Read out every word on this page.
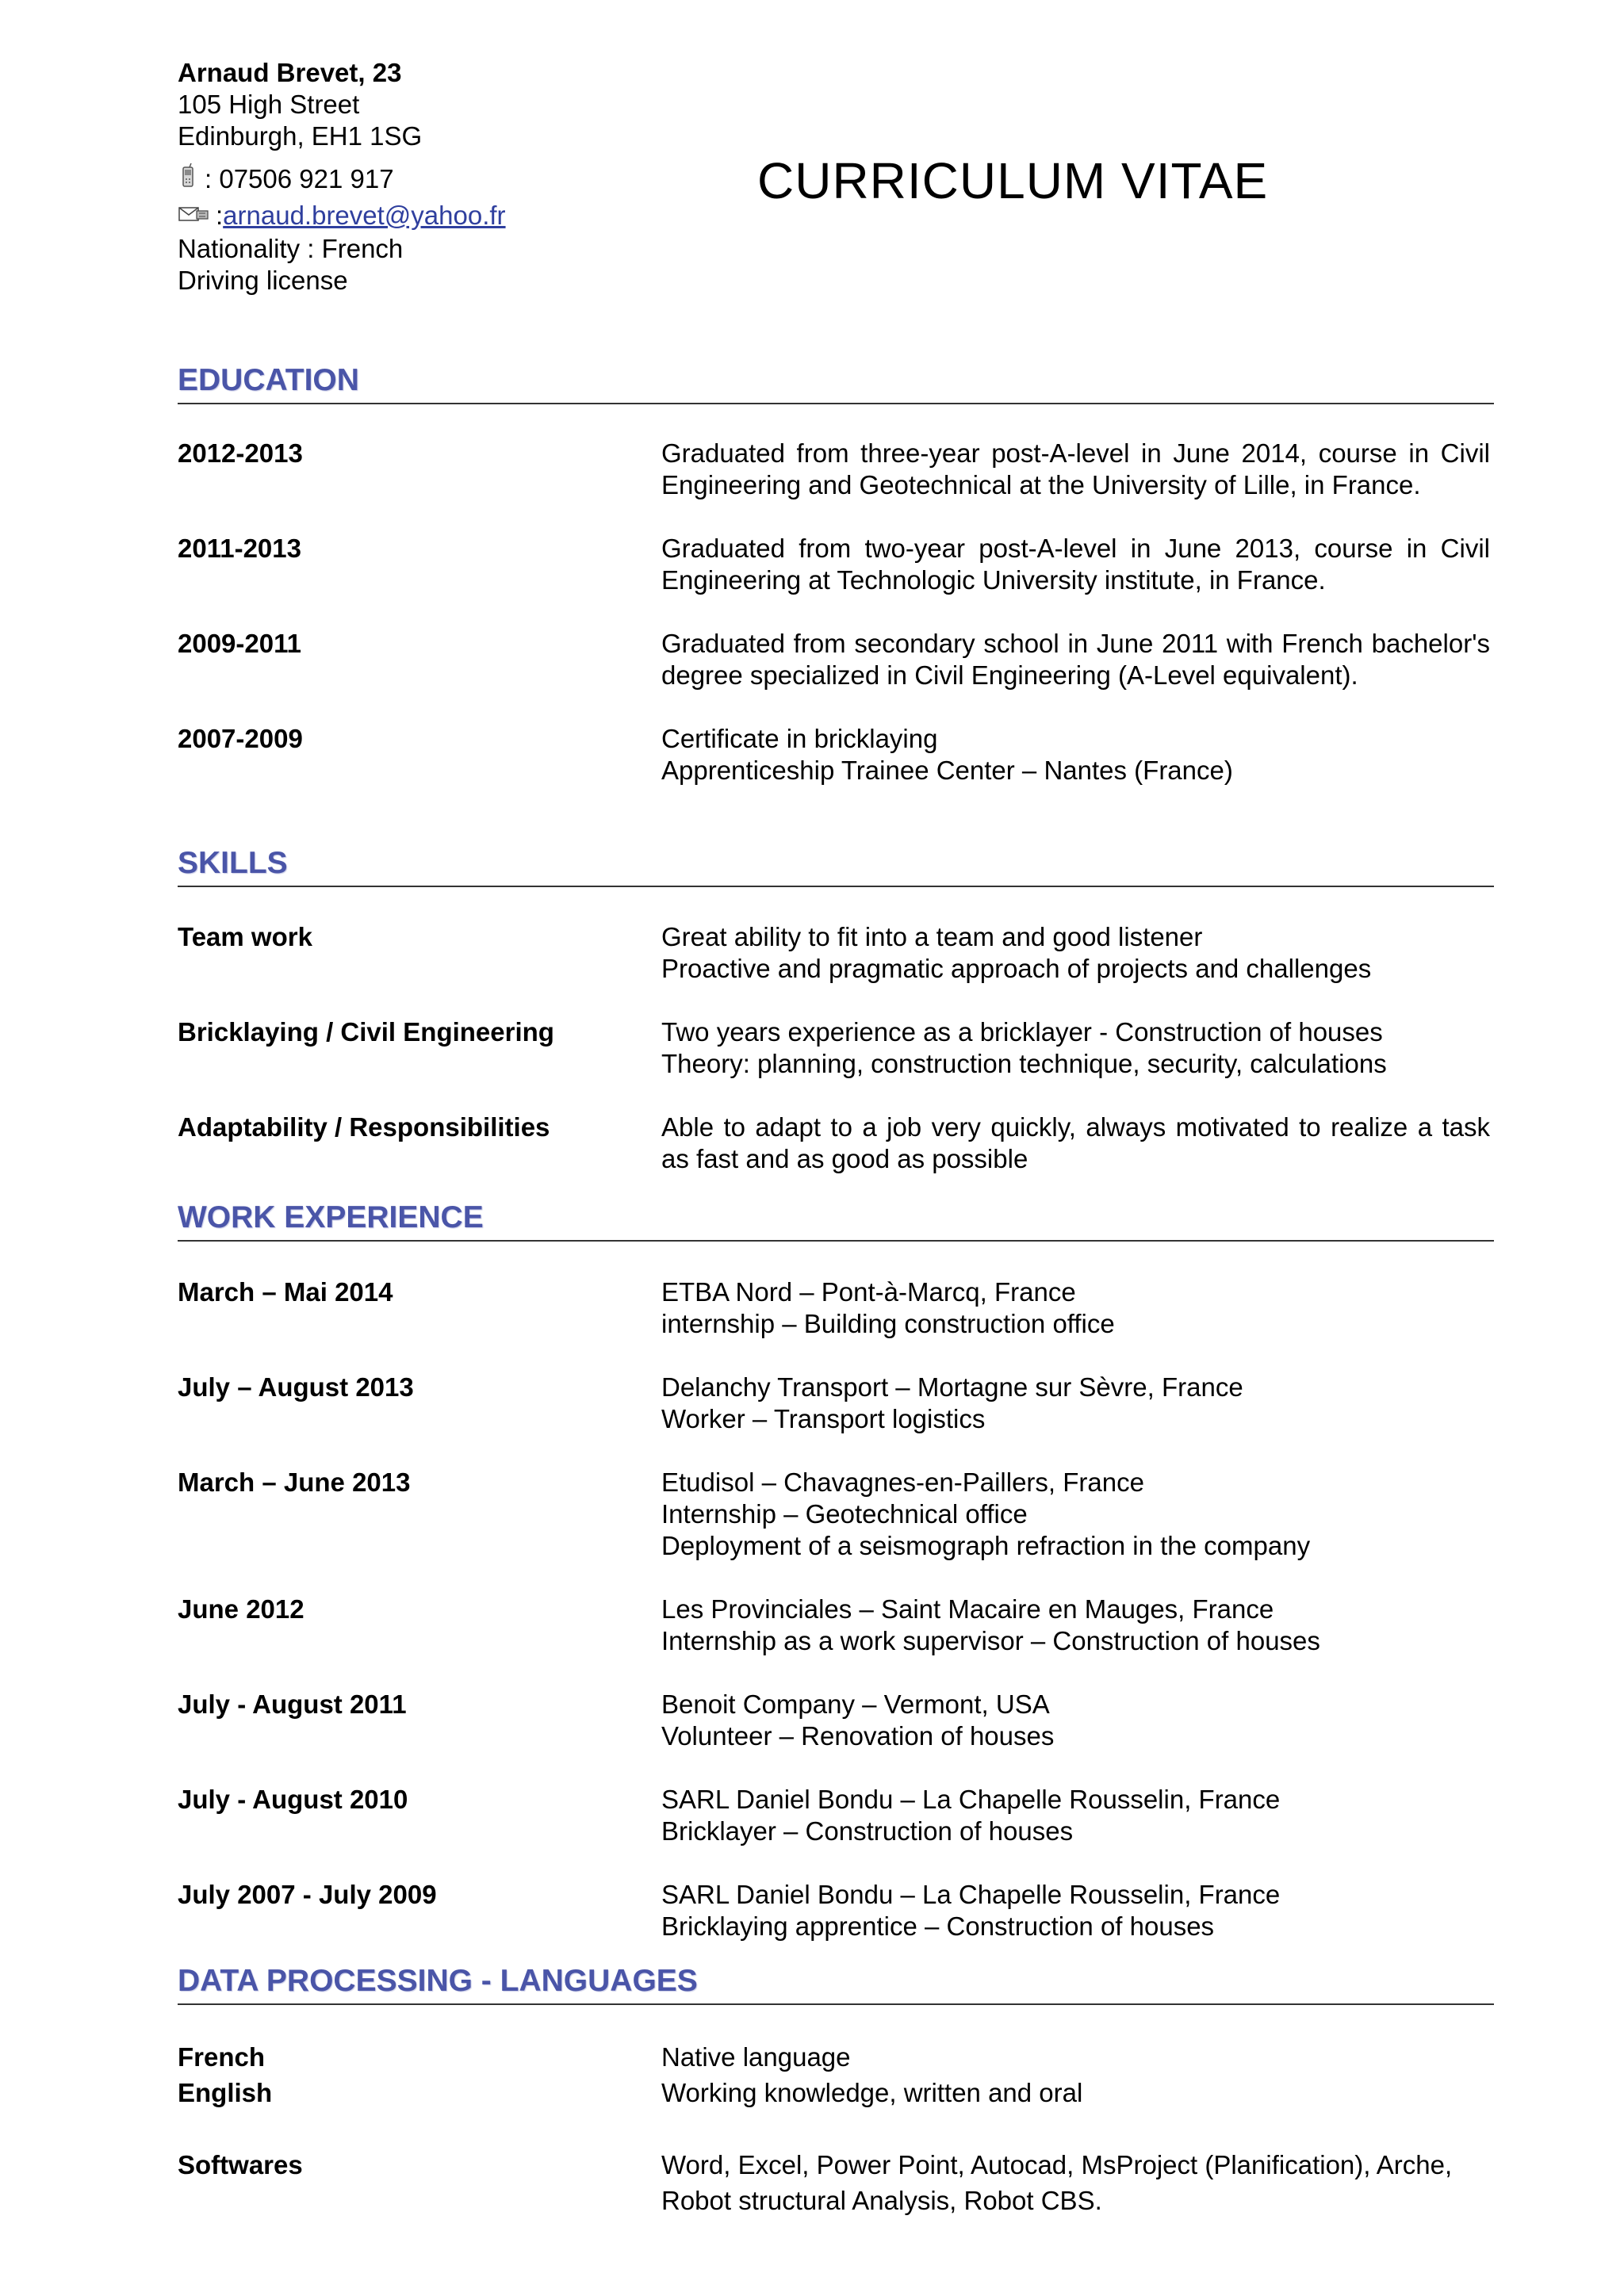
Arnaud Brevet, 23
105 High Street
Edinburgh, EH1 1SG
: 07506 921 917
: arnaud.brevet@yahoo.fr
Nationality : French
Driving license
CURRICULUM VITAE
EDUCATION
2012-2013	Graduated from three-year post-A-level in June 2014, course in Civil Engineering and Geotechnical at the University of Lille, in France.
2011-2013	Graduated from two-year post-A-level in June 2013, course in Civil Engineering at Technologic University institute, in France.
2009-2011	Graduated from secondary school in June 2011 with French bachelor's degree specialized in Civil Engineering (A-Level equivalent).
2007-2009	Certificate in bricklaying
Apprenticeship Trainee Center – Nantes (France)
SKILLS
Team work	Great ability to fit into a team and good listener
Proactive and pragmatic approach of projects and challenges
Bricklaying / Civil Engineering	Two years experience as a bricklayer - Construction of houses
Theory: planning, construction technique, security, calculations
Adaptability / Responsibilities	Able to adapt to a job very quickly, always motivated to realize a task as fast and as good as possible
WORK EXPERIENCE
March – Mai 2014	ETBA Nord – Pont-à-Marcq, France
internship – Building construction office
July – August 2013	Delanchy Transport – Mortagne sur Sèvre, France
Worker – Transport logistics
March – June 2013	Etudisol – Chavagnes-en-Paillers, France
Internship – Geotechnical office
Deployment of a seismograph refraction in the company
June 2012	Les Provinciales – Saint Macaire en Mauges, France
Internship as a work supervisor – Construction of houses
July - August 2011	Benoit Company – Vermont, USA
Volunteer – Renovation of houses
July - August 2010	SARL Daniel Bondu – La Chapelle Rousselin, France
Bricklayer – Construction of houses
July 2007 - July 2009	SARL Daniel Bondu – La Chapelle Rousselin, France
Bricklaying apprentice – Construction of houses
DATA PROCESSING - LANGUAGES
French	Native language
English	Working knowledge, written and oral
Softwares	Word, Excel, Power Point, Autocad, MsProject (Planification), Arche, Robot structural Analysis, Robot CBS.
